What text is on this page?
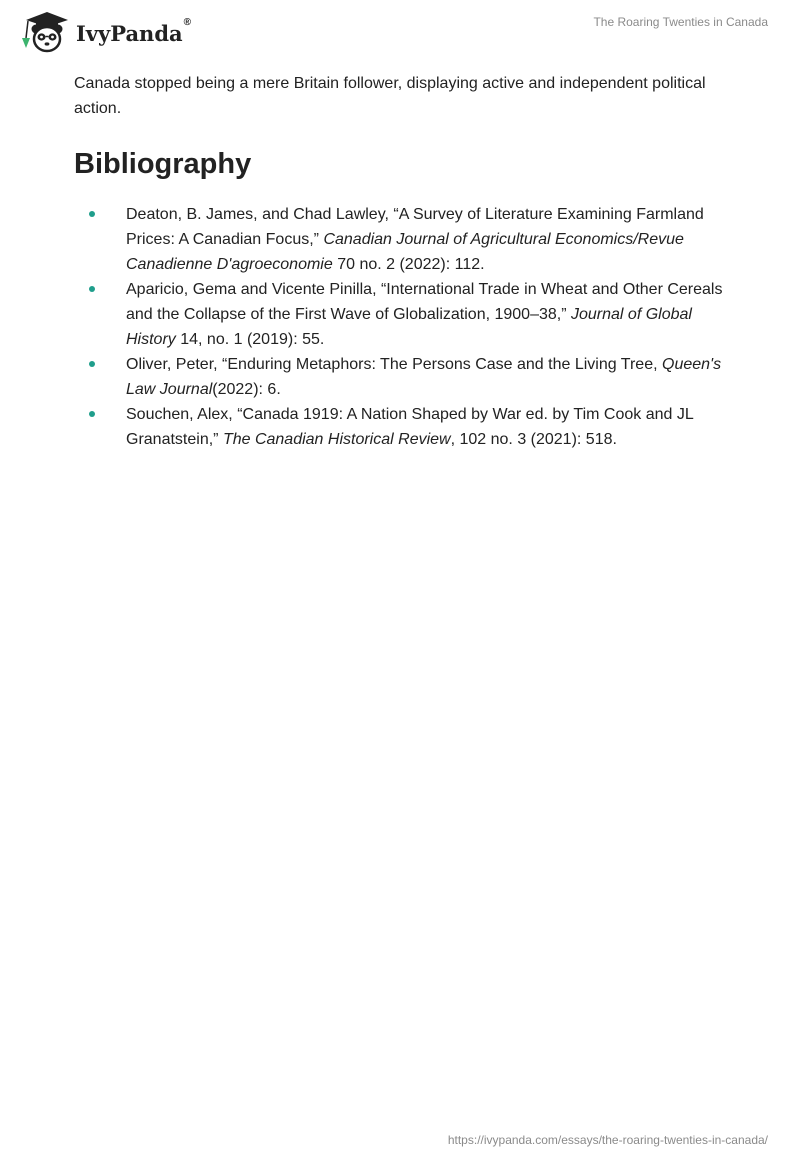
IvyPanda ®	The Roaring Twenties in Canada

Canada stopped being a mere Britain follower, displaying active and independent political action.

Bibliography
Deaton, B. James, and Chad Lawley, “A Survey of Literature Examining Farmland Prices: A Canadian Focus,” Canadian Journal of Agricultural Economics/Revue Canadienne D'agroeconomie 70 no. 2 (2022): 112.
Aparicio, Gema and Vicente Pinilla, “International Trade in Wheat and Other Cereals and the Collapse of the First Wave of Globalization, 1900–38,” Journal of Global History 14, no. 1 (2019): 55.
Oliver, Peter, “Enduring Metaphors: The Persons Case and the Living Tree, Queen's Law Journal(2022): 6.
Souchen, Alex, “Canada 1919: A Nation Shaped by War ed. by Tim Cook and JL Granatstein,” The Canadian Historical Review, 102 no. 3 (2021): 518.
https://ivypanda.com/essays/the-roaring-twenties-in-canada/
